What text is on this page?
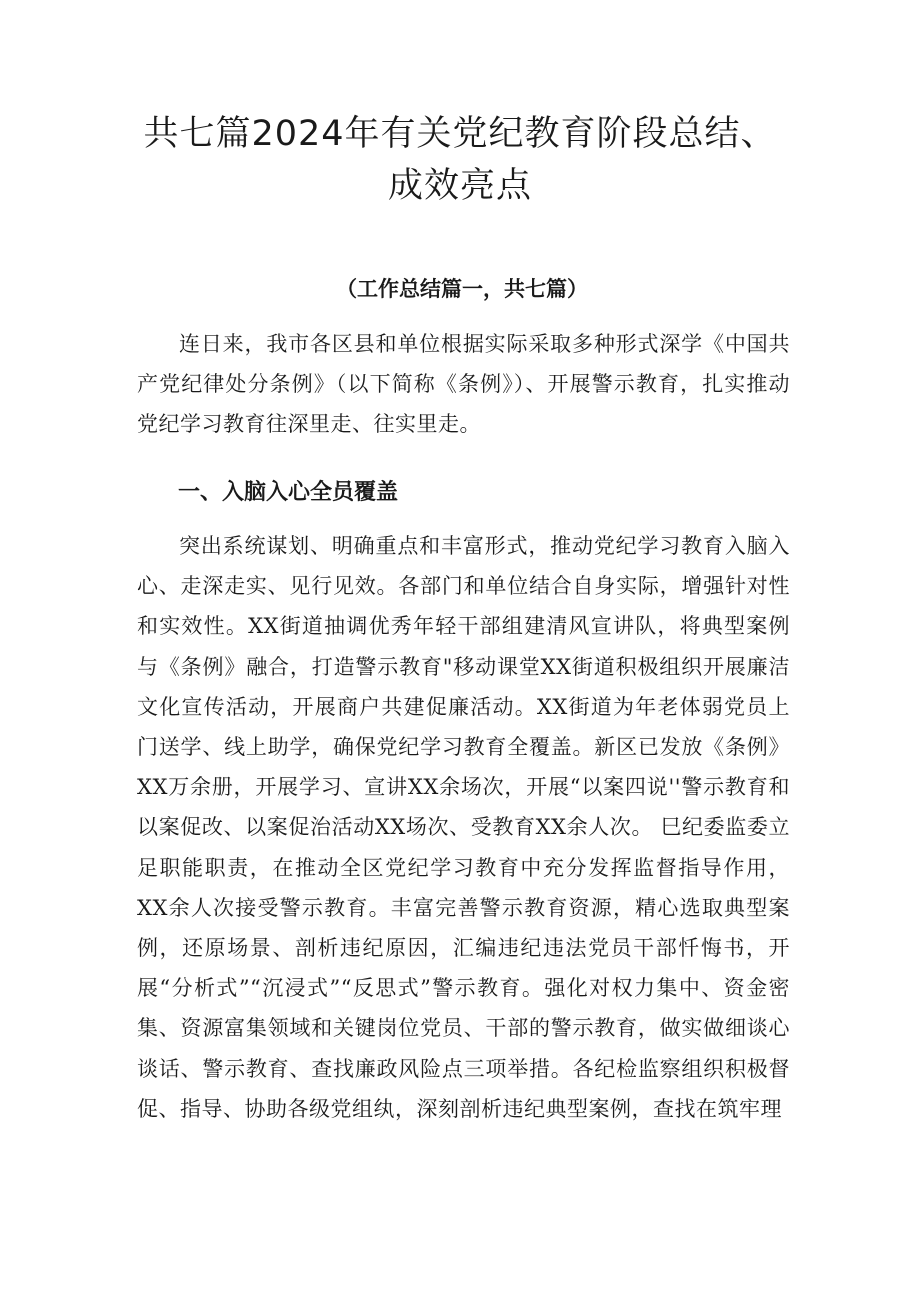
共七篇2024年有关党纪教育阶段总结、成效亮点

（工作总结篇一，共七篇）

连日来，我市各区县和单位根据实际采取多种形式深学《中国共产党纪律处分条例》（以下简称《条例》）、开展警示教育，扎实推动党纪学习教育往深里走、往实里走。

一、入脑入心全员覆盖

突出系统谋划、明确重点和丰富形式，推动党纪学习教育入脑入心、走深走实、见行见效。各部门和单位结合自身实际，增强针对性和实效性。XX街道抽调优秀年轻干部组建清风宣讲队，将典型案例与《条例》融合，打造警示教育"移动课堂XX街道积极组织开展廉洁文化宣传活动，开展商户共建促廉活动。XX街道为年老体弱党员上门送学、线上助学，确保党纪学习教育全覆盖。新区已发放《条例》XX万余册，开展学习、宣讲XX余场次，开展“以案四说''警示教育和以案促改、以案促治活动XX场次、受教育XX余人次。 巳纪委监委立足职能职责，在推动全区党纪学习教育中充分发挥监督指导作用，XX余人次接受警示教育。丰富完善警示教育资源，精心选取典型案例，还原场景、剖析违纪原因，汇编违纪违法党员干部忏悔书，开展“分析式”“沉浸式”“反思式”警示教育。强化对权力集中、资金密集、资源富集领域和关键岗位党员、干部的警示教育，做实做细谈心谈话、警示教育、查找廉政风险点三项举措。各纪检监察组织积极督促、指导、协助各级党组纨，深刻剖析违纪典型案例，查找在筑牢理
